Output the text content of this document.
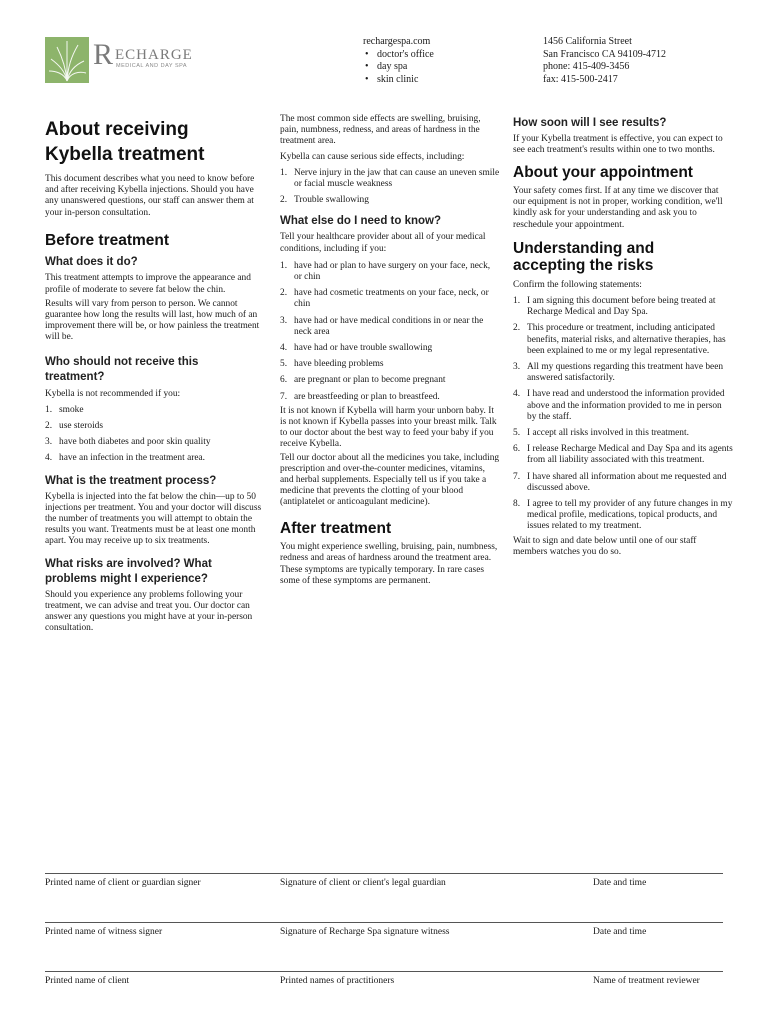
R ECHARGE
MEDICAL AND DAY SPA
rechargespa.com
• doctor's office
• day spa
• skin clinic
1456 California Street
San Francisco CA 94109-4712
phone: 415-409-3456
fax: 415-500-2417
About receiving
Kybella treatment
This document describes what you need to know before and after receiving Kybella injections. Should you have any unanswered questions, our staff can answer them at your in-person consultation.
Before treatment
What does it do?
This treatment attempts to improve the appearance and profile of moderate to severe fat below the chin.
Results will vary from person to person. We cannot guarantee how long the results will last, how much of an improvement there will be, or how painless the treatment will be.
Who should not receive this treatment?
Kybella is not recommended if you:
1. smoke
2. use steroids
3. have both diabetes and poor skin quality
4. have an infection in the treatment area.
What is the treatment process?
Kybella is injected into the fat below the chin—up to 50 injections per treatment. You and your doctor will discuss the number of treatments you will attempt to obtain the results you want. Treatments must be at least one month apart. You may receive up to six treatments.
What risks are involved? What problems might I experience?
Should you experience any problems following your treatment, we can advise and treat you. Our doctor can answer any questions you might have at your in-person consultation.
The most common side effects are swelling, bruising, pain, numbness, redness, and areas of hardness in the treatment area.
Kybella can cause serious side effects, including:
1. Nerve injury in the jaw that can cause an uneven smile or facial muscle weakness
2. Trouble swallowing
What else do I need to know?
Tell your healthcare provider about all of your medical conditions, including if you:
1. have had or plan to have surgery on your face, neck, or chin
2. have had cosmetic treatments on your face, neck, or chin
3. have had or have medical conditions in or near the neck area
4. have had or have trouble swallowing
5. have bleeding problems
6. are pregnant or plan to become pregnant
7. are breastfeeding or plan to breastfeed.
It is not known if Kybella will harm your unborn baby. It is not known if Kybella passes into your breast milk. Talk to our doctor about the best way to feed your baby if you receive Kybella.
Tell our doctor about all the medicines you take, including prescription and over-the-counter medicines, vitamins, and herbal supplements. Especially tell us if you take a medicine that prevents the clotting of your blood (antiplatelet or anticoagulant medicine).
After treatment
You might experience swelling, bruising, pain, numbness, redness and areas of hardness around the treatment area. These symptoms are typically temporary. In rare cases some of these symptoms are permanent.
How soon will I see results?
If your Kybella treatment is effective, you can expect to see each treatment's results within one to two months.
About your appointment
Your safety comes first. If at any time we discover that our equipment is not in proper, working condition, we'll kindly ask for your understanding and ask you to reschedule your appointment.
Understanding and
accepting the risks
Confirm the following statements:
1. I am signing this document before being treated at Recharge Medical and Day Spa.
2. This procedure or treatment, including anticipated benefits, material risks, and alternative therapies, has been explained to me or my legal representative.
3. All my questions regarding this treatment have been answered satisfactorily.
4. I have read and understood the information provided above and the information provided to me in person by the staff.
5. I accept all risks involved in this treatment.
6. I release Recharge Medical and Day Spa and its agents from all liability associated with this treatment.
7. I have shared all information about me requested and discussed above.
8. I agree to tell my provider of any future changes in my medical profile, medications, topical products, and issues related to my treatment.
Wait to sign and date below until one of our staff members watches you do so.
Printed name of client or guardian signer	Signature of client or client's legal guardian	Date and time
Printed name of witness signer	Signature of Recharge Spa signature witness	Date and time
Printed name of client	Printed names of practitioners	Name of treatment reviewer
